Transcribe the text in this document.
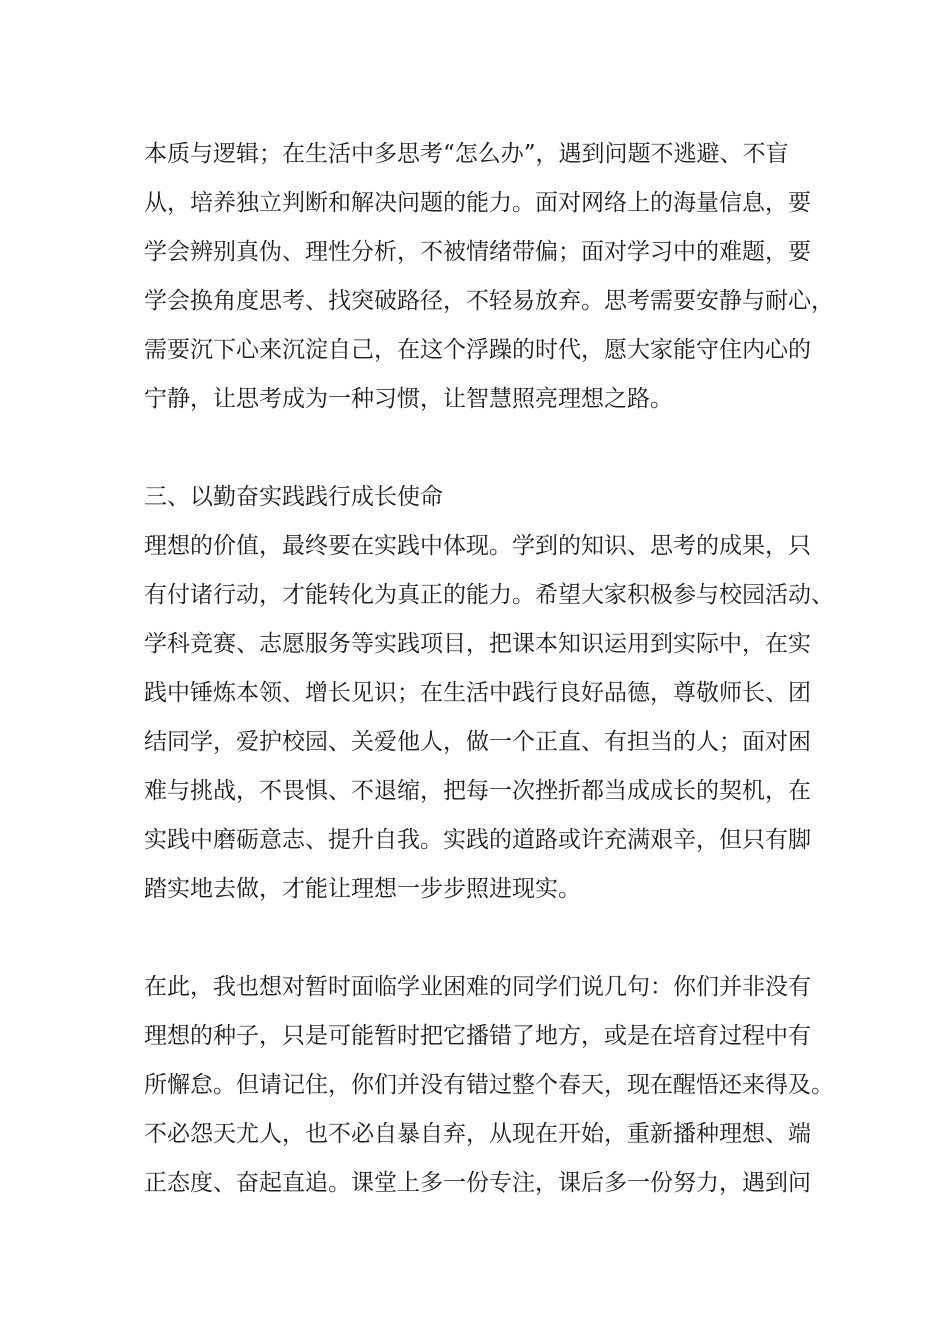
本质与逻辑；在生活中多思考“怎么办”，遇到问题不逃避、不盲
从，培养独立判断和解决问题的能力。面对网络上的海量信息，要
学会辨别真伪、理性分析，不被情绪带偏；面对学习中的难题，要
学会换角度思考、找突破路径，不轻易放弃。思考需要安静与耐心，
需要沉下心来沉淀自己，在这个浮躁的时代，愿大家能守住内心的
宁静，让思考成为一种习惯，让智慧照亮理想之路。
三、以勤奋实践践行成长使命
理想的价值，最终要在实践中体现。学到的知识、思考的成果，只
有付诸行动，才能转化为真正的能力。希望大家积极参与校园活动、
学科竞赛、志愿服务等实践项目，把课本知识运用到实际中，在实
践中锤炼本领、增长见识；在生活中践行良好品德，尊敬师长、团
结同学，爱护校园、关爱他人，做一个正直、有担当的人；面对困
难与挑战，不畏惧、不退缩，把每一次挫折都当成成长的契机，在
实践中磨砺意志、提升自我。实践的道路或许充满艰辛，但只有脚
踏实地去做，才能让理想一步步照进现实。
在此，我也想对暂时面临学业困难的同学们说几句：你们并非没有
理想的种子，只是可能暂时把它播错了地方，或是在培育过程中有
所懈怠。但请记住，你们并没有错过整个春天，现在醒悟还来得及。
不必怨天尤人，也不必自暴自弃，从现在开始，重新播种理想、端
正态度、奋起直追。课堂上多一份专注，课后多一份努力，遇到问
